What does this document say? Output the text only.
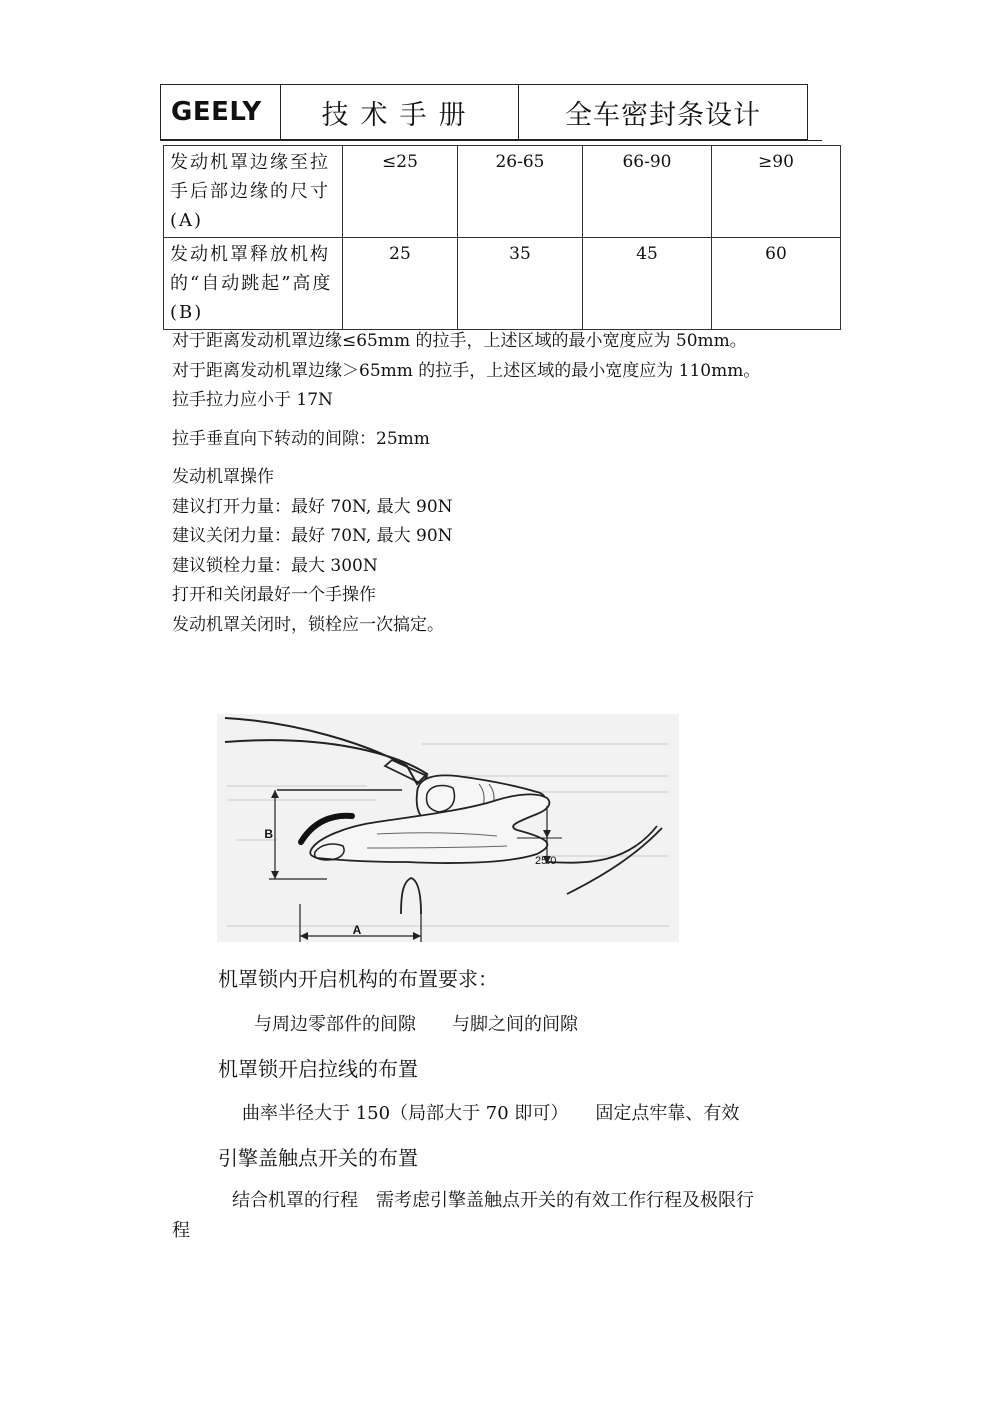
GEELY	技术手册	全车密封条设计
发动机罩边缘至拉手后部边缘的尺寸(A)	≤25	26-65	66-90	≥90
发动机罩释放机构的“自动跳起”高度(B)	25	35	45	60
对于距离发动机罩边缘≤65mm 的拉手，上述区域的最小宽度应为 50mm。
对于距离发动机罩边缘＞65mm 的拉手，上述区域的最小宽度应为 110mm。
拉手拉力应小于 17N
拉手垂直向下转动的间隙：25mm
发动机罩操作
建议打开力量：最好 70N, 最大 90N
建议关闭力量：最好 70N, 最大 90N
建议锁栓力量：最大 300N
打开和关闭最好一个手操作
发动机罩关闭时，锁栓应一次搞定。
B
25.0
A
机罩锁内开启机构的布置要求：
与周边零部件的间隙　　与脚之间的间隙
机罩锁开启拉线的布置
曲率半径大于 150（局部大于 70 即可）　　固定点牢靠、有效
引擎盖触点开关的布置
结合机罩的行程　需考虑引擎盖触点开关的有效工作行程及极限行
程
